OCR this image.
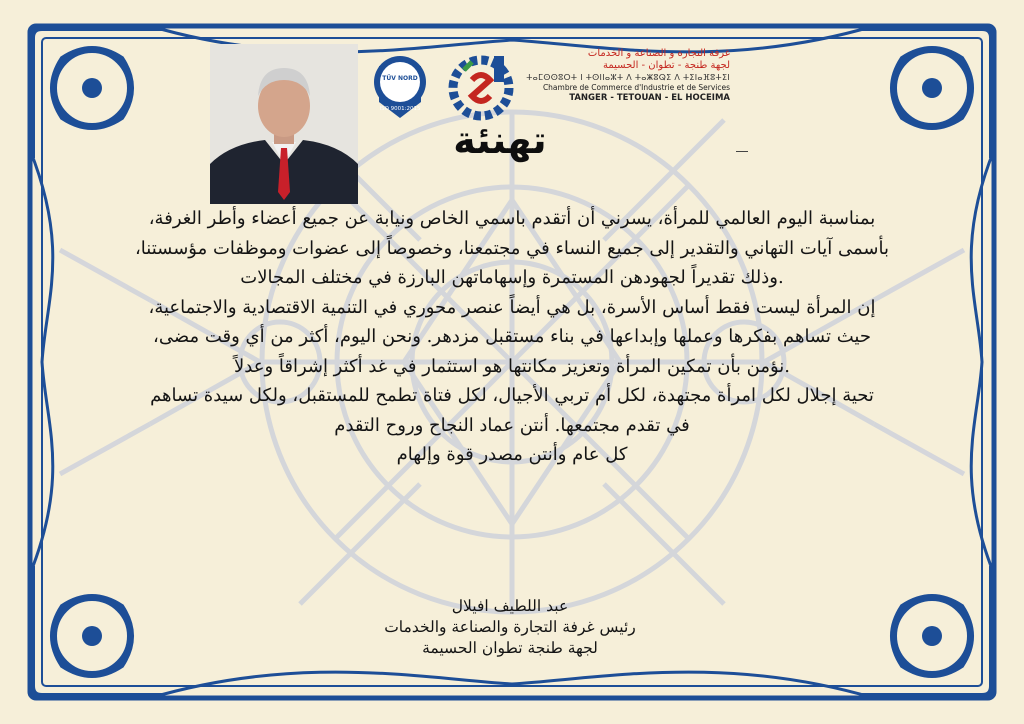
TÜV NORD
ISO 9001:2015
غرفة التجارة و الصناعة و الخدمات
لجهة طنجة - تطوان - الحسيمة
ⵜⴰⵎⵙⵙⵓⵔⵜ ⵏ ⵜⵙⵏⵏⴰⵣⵜ ⴷ ⵜⴰⵥⵓⵕⵉ ⴷ ⵜⵉⵏⴰⴼⵓⵜⵉⵏ
Chambre de Commerce d'Industrie et de Services
TANGER - TETOUAN - EL HOCEIMA
تهنئة
بمناسبة اليوم العالمي للمرأة، يسرني أن أتقدم باسمي الخاص ونيابة عن جميع أعضاء وأطر الغرفة،
بأسمى آيات التهاني والتقدير إلى جميع النساء في مجتمعنا، وخصوصاً إلى عضوات وموظفات مؤسستنا،
.وذلك تقديراً لجهودهن المستمرة وإسهاماتهن البارزة في مختلف المجالات
إن المرأة ليست فقط أساس الأسرة، بل هي أيضاً عنصر محوري في التنمية الاقتصادية والاجتماعية،
حيث تساهم بفكرها وعملها وإبداعها في بناء مستقبل مزدهر. ونحن اليوم، أكثر من أي وقت مضى،
.نؤمن بأن تمكين المرأة وتعزيز مكانتها هو استثمار في غد أكثر إشراقاً وعدلاً
تحية إجلال لكل امرأة مجتهدة، لكل أم تربي الأجيال، لكل فتاة تطمح للمستقبل، ولكل سيدة تساهم
في تقدم مجتمعها. أنتن عماد النجاح وروح التقدم
كل عام وأنتن مصدر قوة وإلهام
عبد اللطيف افيلال
رئيس غرفة التجارة والصناعة والخدمات
لجهة طنجة تطوان الحسيمة
